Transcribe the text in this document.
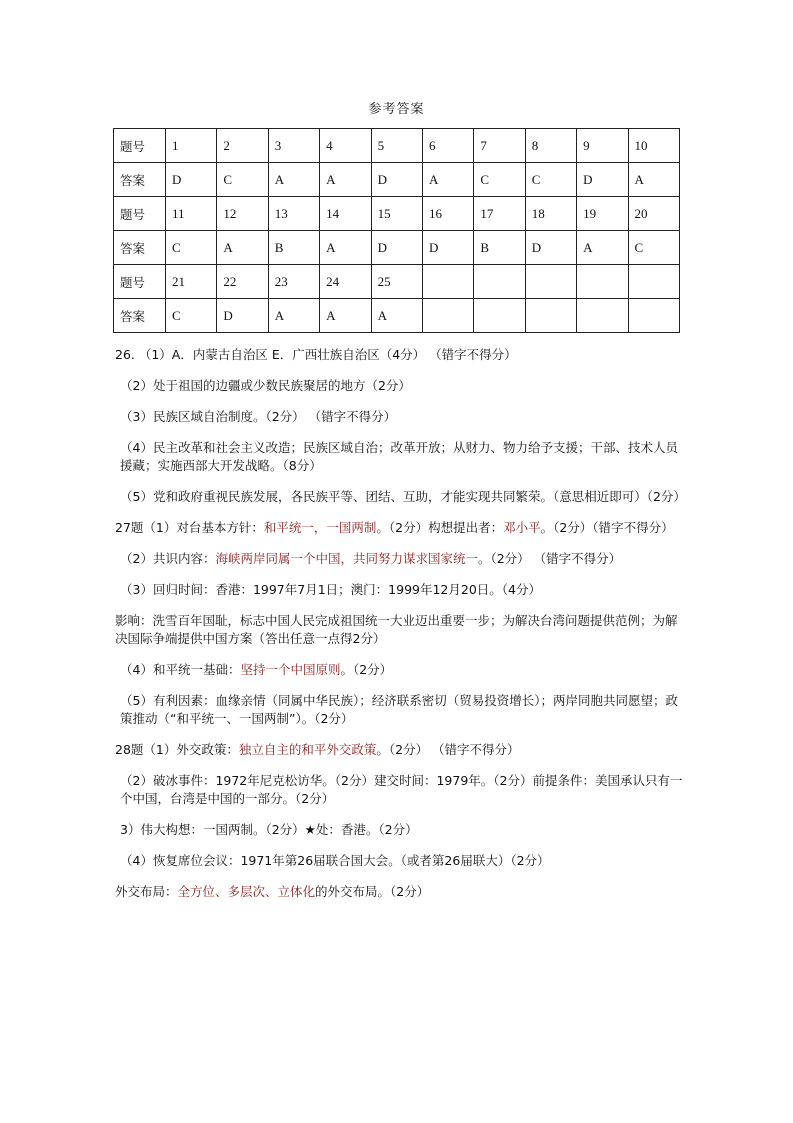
参考答案
题号	1	2	3	4	5	6	7	8	9	10
答案	D	C	A	A	D	A	C	C	D	A
题号	11	12	13	14	15	16	17	18	19	20
答案	C	A	B	A	D	D	B	D	A	C
题号	21	22	23	24	25					
答案	C	D	A	A	A					

26. （1）A．内蒙古自治区 E．广西壮族自治区（4分） （错字不得分）

（2）处于祖国的边疆或少数民族聚居的地方（2分）

（3）民族区域自治制度。（2分） （错字不得分）

（4）民主改革和社会主义改造；民族区域自治；改革开放；从财力、物力给予支援；干部、技术人员援藏；实施西部大开发战略。（8分）

（5）党和政府重视民族发展，各民族平等、团结、互助，才能实现共同繁荣。（意思相近即可）（2分）

27题（1）对台基本方针：和平统一，一国两制。（2分）构想提出者：邓小平。（2分）（错字不得分）

（2）共识内容：海峡两岸同属一个中国，共同努力谋求国家统一。（2分） （错字不得分）

（3）回归时间：香港：1997年7月1日；澳门：1999年12月20日。（4分）

影响：洗雪百年国耻，标志中国人民完成祖国统一大业迈出重要一步；为解决台湾问题提供范例；为解决国际争端提供中国方案（答出任意一点得2分）

（4）和平统一基础：坚持一个中国原则。（2分）

（5）有利因素：血缘亲情（同属中华民族）；经济联系密切（贸易投资增长）；两岸同胞共同愿望；政策推动（“和平统一、一国两制”）。（2分）

28题（1）外交政策：独立自主的和平外交政策。（2分） （错字不得分）

（2）破冰事件：1972年尼克松访华。（2分）建交时间：1979年。（2分）前提条件：美国承认只有一个中国，台湾是中国的一部分。（2分）

3）伟大构想：一国两制。（2分）★处：香港。（2分）

（4）恢复席位会议：1971年第26届联合国大会。（或者第26届联大）（2分）

外交布局：全方位、多层次、立体化的外交布局。（2分）
